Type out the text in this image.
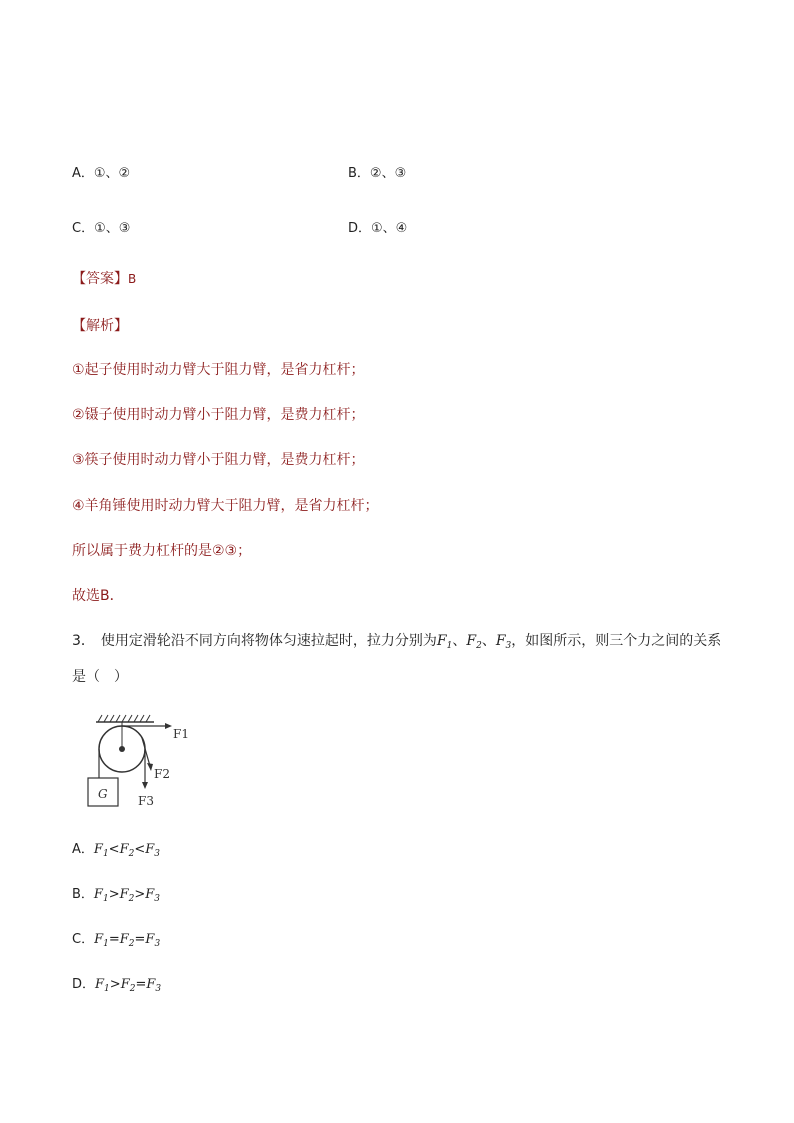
A．①、②	B．②、③
C．①、③	D．①、④
【答案】B
【解析】
①起子使用时动力臂大于阻力臂，是省力杠杆；
②镊子使用时动力臂小于阻力臂，是费力杠杆；
③筷子使用时动力臂小于阻力臂，是费力杠杆；
④羊角锤使用时动力臂大于阻力臂，是省力杠杆；
所以属于费力杠杆的是②③；
故选B．
3． 使用定滑轮沿不同方向将物体匀速拉起时，拉力分别为$F_1$、$F_2$、$F_3$，如图所示，则三个力之间的关系
是（　）
G
F1
F2
F3
A．$F_1<F_2<F_3$
B．$F_1>F_2>F_3$
C．$F_1=F_2=F_3$
D．$F_1>F_2=F_3$
